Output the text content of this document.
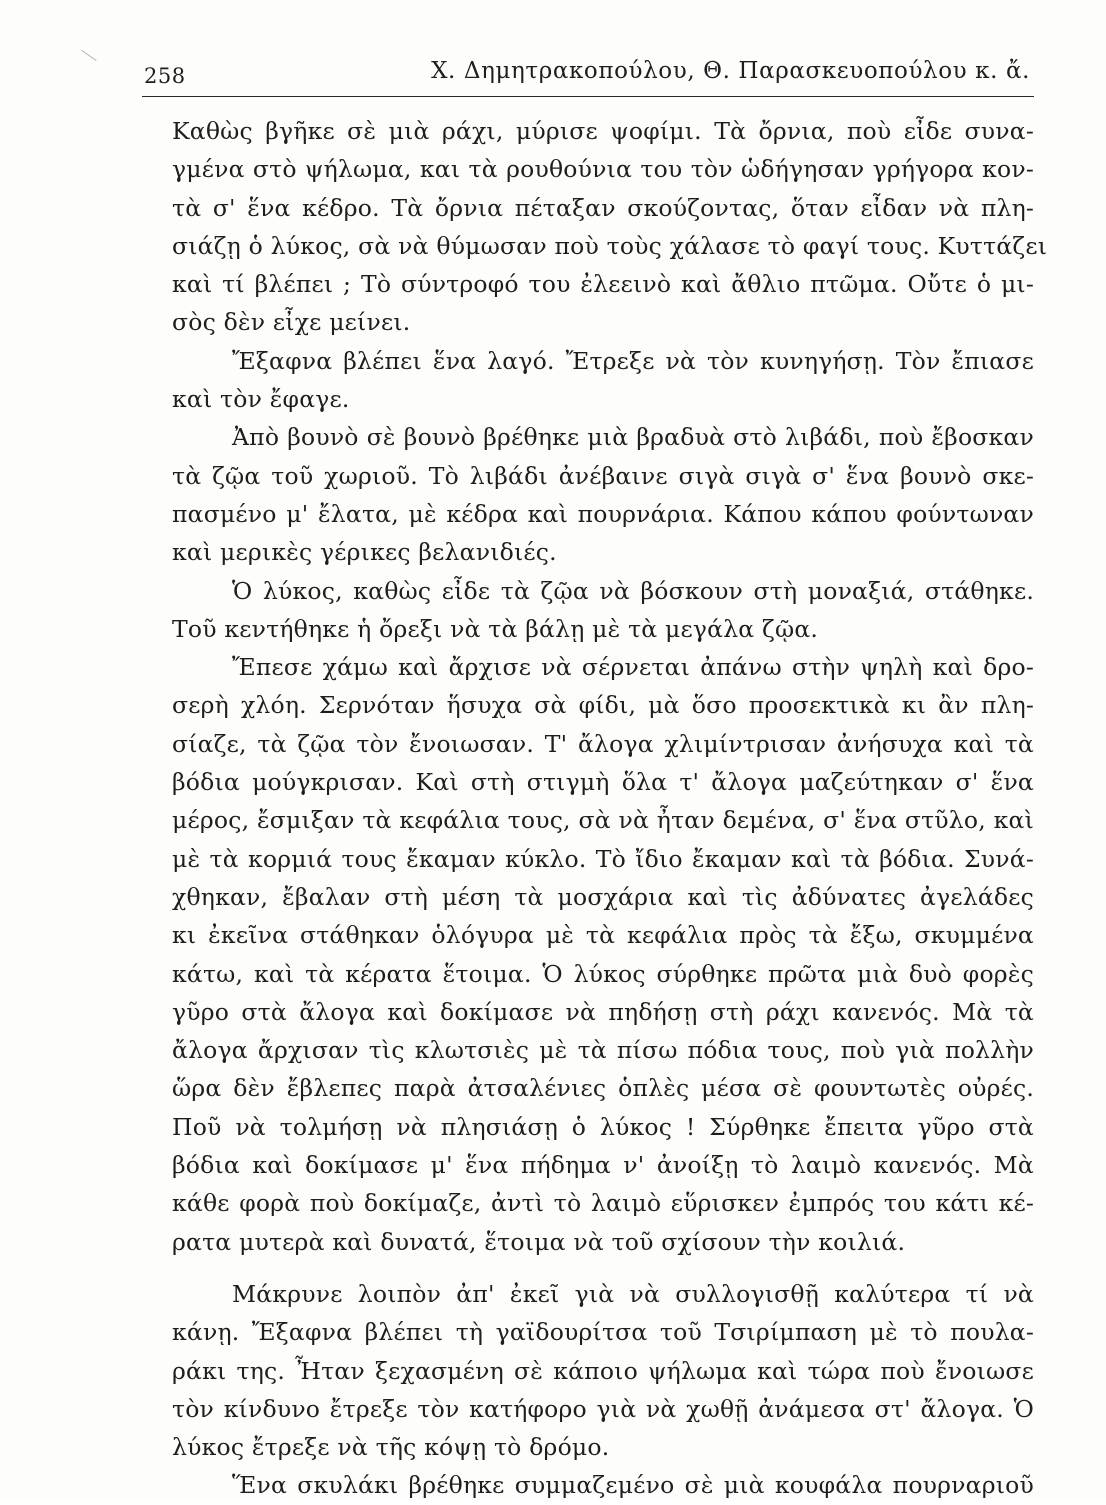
258	Χ. Δημητρακοπούλου, Θ. Παρασκευοπούλου κ. ἄ.
Καθὼς βγῆκε σὲ μιὰ ράχι, μύρισε ψοφίμι. Τὰ ὄρνια, ποὺ εἶδε συνα-
γμένα στὸ ψήλωμα, και τὰ ρουθούνια του τὸν ὡδήγησαν γρήγορα κον-
τὰ σ' ἕνα κέδρο. Τὰ ὄρνια πέταξαν σκούζοντας, ὅταν εἶδαν νὰ πλη-
σιάζῃ ὁ λύκος, σὰ νὰ θύμωσαν ποὺ τοὺς χάλασε τὸ φαγί τους. Κυττάζει
καὶ τί βλέπει ; Τὸ σύντροφό του ἐλεεινὸ καὶ ἄθλιο πτῶμα. Οὔτε ὁ μι-
σὸς δὲν εἶχε μείνει.
Ἔξαφνα βλέπει ἕνα λαγό. Ἔτρεξε νὰ τὸν κυνηγήσῃ. Τὸν ἔπιασε
καὶ τὸν ἔφαγε.
Ἀπὸ βουνὸ σὲ βουνὸ βρέθηκε μιὰ βραδυὰ στὸ λιβάδι, ποὺ ἔβοσκαν
τὰ ζῷα τοῦ χωριοῦ. Τὸ λιβάδι ἀνέβαινε σιγὰ σιγὰ σ' ἕνα βουνὸ σκε-
πασμένο μ' ἔλατα, μὲ κέδρα καὶ πουρνάρια. Κάπου κάπου φούντωναν
καὶ μερικὲς γέρικες βελανιδιές.
Ὁ λύκος, καθὼς εἶδε τὰ ζῷα νὰ βόσκουν στὴ μοναξιά, στάθηκε.
Τοῦ κεντήθηκε ἡ ὄρεξι νὰ τὰ βάλῃ μὲ τὰ μεγάλα ζῷα.
Ἔπεσε χάμω καὶ ἄρχισε νὰ σέρνεται ἀπάνω στὴν ψηλὴ καὶ δρο-
σερὴ χλόη. Σερνόταν ἥσυχα σὰ φίδι, μὰ ὅσο προσεκτικὰ κι ἂν πλη-
σίαζε, τὰ ζῷα τὸν ἔνοιωσαν. Τ' ἄλογα χλιμίντρισαν ἀνήσυχα καὶ τὰ
βόδια μούγκρισαν. Καὶ στὴ στιγμὴ ὅλα τ' ἄλογα μαζεύτηκαν σ' ἕνα
μέρος, ἔσμιξαν τὰ κεφάλια τους, σὰ νὰ ἦταν δεμένα, σ' ἕνα στῦλο, καὶ
μὲ τὰ κορμιά τους ἔκαμαν κύκλο. Τὸ ἴδιο ἔκαμαν καὶ τὰ βόδια. Συνά-
χθηκαν, ἔβαλαν στὴ μέση τὰ μοσχάρια καὶ τὶς ἀδύνατες ἀγελάδες
κι ἐκεῖνα στάθηκαν ὁλόγυρα μὲ τὰ κεφάλια πρὸς τὰ ἔξω, σκυμμένα
κάτω, καὶ τὰ κέρατα ἕτοιμα. Ὁ λύκος σύρθηκε πρῶτα μιὰ δυὸ φορὲς
γῦρο στὰ ἄλογα καὶ δοκίμασε νὰ πηδήσῃ στὴ ράχι κανενός. Μὰ τὰ
ἄλογα ἄρχισαν τὶς κλωτσιὲς μὲ τὰ πίσω πόδια τους, ποὺ γιὰ πολλὴν
ὥρα δὲν ἔβλεπες παρὰ ἀτσαλένιες ὁπλὲς μέσα σὲ φουντωτὲς οὐρές.
Ποῦ νὰ τολμήσῃ νὰ πλησιάσῃ ὁ λύκος ! Σύρθηκε ἔπειτα γῦρο στὰ
βόδια καὶ δοκίμασε μ' ἕνα πήδημα ν' ἀνοίξῃ τὸ λαιμὸ κανενός. Μὰ
κάθε φορὰ ποὺ δοκίμαζε, ἀντὶ τὸ λαιμὸ εὕρισκεν ἐμπρός του κάτι κέ-
ρατα μυτερὰ καὶ δυνατά, ἕτοιμα νὰ τοῦ σχίσουν τὴν κοιλιά.
Μάκρυνε λοιπὸν ἀπ' ἐκεῖ γιὰ νὰ συλλογισθῇ καλύτερα τί νὰ
κάνῃ. Ἔξαφνα βλέπει τὴ γαϊδουρίτσα τοῦ Τσιρίμπαση μὲ τὸ πουλα-
ράκι της. Ἦταν ξεχασμένη σὲ κάποιο ψήλωμα καὶ τώρα ποὺ ἔνοιωσε
τὸν κίνδυνο ἔτρεξε τὸν κατήφορο γιὰ νὰ χωθῇ ἀνάμεσα στ' ἄλογα. Ὁ
λύκος ἔτρεξε νὰ τῆς κόψῃ τὸ δρόμο.
Ἕνα σκυλάκι βρέθηκε συμμαζεμένο σὲ μιὰ κουφάλα πουρναριοῦ
